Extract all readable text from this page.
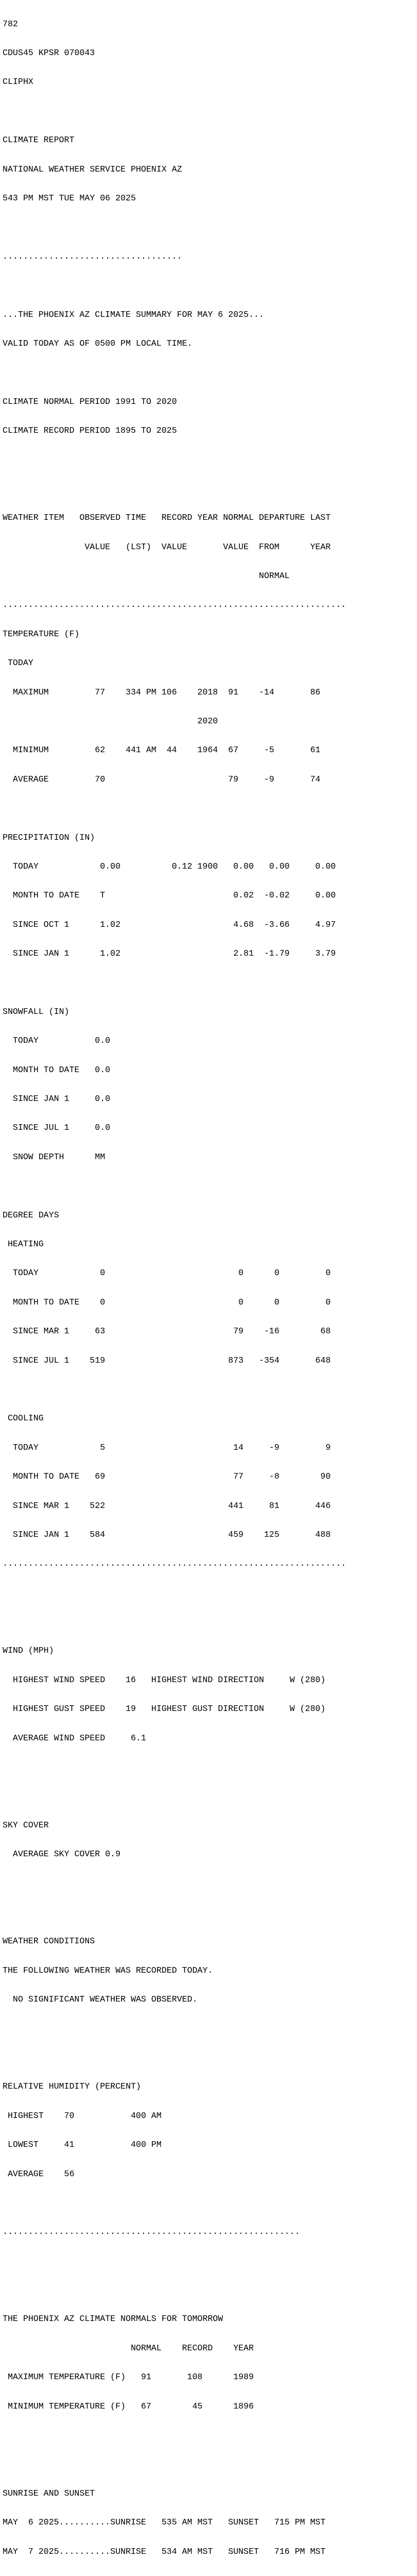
782

CDUS45 KPSR 070043

CLIPHX

CLIMATE REPORT

NATIONAL WEATHER SERVICE PHOENIX AZ

543 PM MST TUE MAY 06 2025

...................................

...THE PHOENIX AZ CLIMATE SUMMARY FOR MAY 6 2025...

VALID TODAY AS OF 0500 PM LOCAL TIME.

CLIMATE NORMAL PERIOD 1991 TO 2020

CLIMATE RECORD PERIOD 1895 TO 2025

WEATHER ITEM   OBSERVED TIME   RECORD YEAR NORMAL DEPARTURE LAST

VALUE   (LST)  VALUE       VALUE  FROM      YEAR

NORMAL

...................................................................

TEMPERATURE (F)

TODAY

MAXIMUM         77    334 PM 106    2018  91    -14       86

2020

MINIMUM         62    441 AM  44    1964  67     -5       61

AVERAGE         70                        79     -9       74

PRECIPITATION (IN)

TODAY            0.00          0.12 1900   0.00   0.00     0.00

MONTH TO DATE    T                         0.02  -0.02     0.00

SINCE OCT 1      1.02                      4.68  -3.66     4.97

SINCE JAN 1      1.02                      2.81  -1.79     3.79

SNOWFALL (IN)

TODAY           0.0

MONTH TO DATE   0.0

SINCE JAN 1     0.0

SINCE JUL 1     0.0

SNOW DEPTH      MM

DEGREE DAYS

HEATING

TODAY            0                          0      0         0

MONTH TO DATE    0                          0      0         0

SINCE MAR 1     63                         79    -16        68

SINCE JUL 1    519                        873   -354       648

COOLING

TODAY            5                         14     -9         9

MONTH TO DATE   69                         77     -8        90

SINCE MAR 1    522                        441     81       446

SINCE JAN 1    584                        459    125       488

...................................................................

WIND (MPH)

HIGHEST WIND SPEED    16   HIGHEST WIND DIRECTION     W (280)

HIGHEST GUST SPEED    19   HIGHEST GUST DIRECTION     W (280)

AVERAGE WIND SPEED     6.1

SKY COVER

AVERAGE SKY COVER 0.9

WEATHER CONDITIONS

THE FOLLOWING WEATHER WAS RECORDED TODAY.

NO SIGNIFICANT WEATHER WAS OBSERVED.

RELATIVE HUMIDITY (PERCENT)

HIGHEST    70           400 AM

LOWEST     41           400 PM

AVERAGE    56

..........................................................

THE PHOENIX AZ CLIMATE NORMALS FOR TOMORROW

NORMAL    RECORD    YEAR

MAXIMUM TEMPERATURE (F)   91       108      1989

MINIMUM TEMPERATURE (F)   67        45      1896

SUNRISE AND SUNSET

MAY  6 2025..........SUNRISE   535 AM MST   SUNSET   715 PM MST

MAY  7 2025..........SUNRISE   534 AM MST   SUNSET   716 PM MST
